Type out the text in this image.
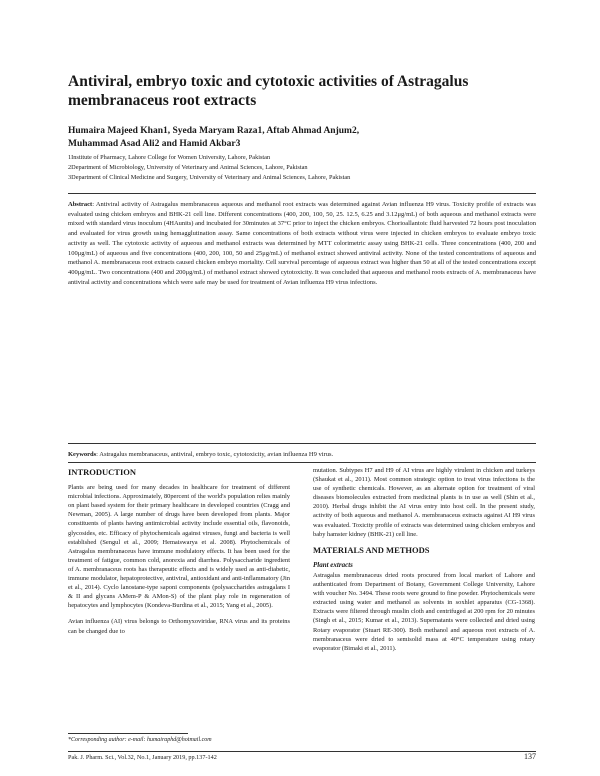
Antiviral, embryo toxic and cytotoxic activities of Astragalus membranaceus root extracts
Humaira Majeed Khan1, Syeda Maryam Raza1, Aftab Ahmad Anjum2,
Muhammad Asad Ali2 and Hamid Akbar3
1Institute of Pharmacy, Lahore College for Women University, Lahore, Pakistan
2Department of Microbiology, University of Veterinary and Animal Sciences, Lahore, Pakistan
3Department of Clinical Medicine and Surgery, University of Veterinary and Animal Sciences, Lahore, Pakistan
Abstract: Antiviral activity of Astragalus membranaceus aqueous and methanol root extracts was determined against Avian influenza H9 virus. Toxicity profile of extracts was evaluated using chicken embryos and BHK-21 cell line. Different concentrations (400, 200, 100, 50, 25. 12.5, 6.25 and 3.12μg/mL) of both aqueous and methanol extracts were mixed with standard virus inoculum (4HAunits) and incubated for 30minutes at 37°C prior to inject the chicken embryos. Chorioallantoic fluid harvested 72 hours post inoculation and evaluated for virus growth using hemagglutination assay. Same concentrations of both extracts without virus were injected in chicken embryos to evaluate embryo toxic activity as well. The cytotoxic activity of aqueous and methanol extracts was determined by MTT colorimetric assay using BHK-21 cells. Three concentrations (400, 200 and 100μg/mL) of aqueous and five concentrations (400, 200, 100, 50 and 25μg/mL) of methanol extract showed antiviral activity. None of the tested concentrations of aqueous and methanol A. membranaceus root extracts caused chicken embryo mortality. Cell survival percentage of aqueous extract was higher than 50 at all of the tested concentrations except 400μg/mL. Two concentrations (400 and 200μg/mL) of methanol extract showed cytotoxicity. It was concluded that aqueous and methanol roots extracts of A. membranaceus have antiviral activity and concentrations which were safe may be used for treatment of Avian influenza H9 virus infections.
Keywords: Astragalus membranaceus, antiviral, embryo toxic, cytotoxicity, avian influenza H9 virus.
INTRODUCTION

Plants are being used for many decades in healthcare for treatment of different microbial infections. Approximately, 80percent of the world's population relies mainly on plant based system for their primary healthcare in developed countries (Cragg and Newman, 2005). A large number of drugs have been developed from plants. Major constituents of plants having antimicrobial activity include essential oils, flavonoids, glycosides, etc. Efficacy of phytochemicals against viruses, fungi and bacteria is well established (Sengul et al., 2009; Hemaiswarya et al. 2008). Phytochemicals of Astragalus membranaceus have immune modulatory effects. It has been used for the treatment of fatigue, common cold, anorexia and diarrhea. Polysaccharide ingredient of A. membranaceus roots has therapeutic effects and is widely used as anti-diabetic, immune modulator, hepatoprotective, antiviral, antioxidant and anti-inflammatory (Jin et al., 2014). Cyclo lanostane-type saponi components (polysaccharides astragalans I & II and glycans AMem-P & AMon-S) of the plant play role in regeneration of hepatocytes and lymphocytes (Kondeva-Burdina et al., 2015; Yang et al., 2005).

Avian influenza (AI) virus belongs to Orthomyxoviridae, RNA virus and its proteins can be changed due to

mutation. Subtypes H7 and H9 of AI virus are highly virulent in chicken and turkeys (Shaukat et al., 2011). Most common strategic option to treat virus infections is the use of synthetic chemicals. However, as an alternate option for treatment of viral diseases biomolecules extracted from medicinal plants is in use as well (Shin et al., 2010). Herbal drugs inhibit the AI virus entry into host cell. In the present study, activity of both aqueous and methanol A. membranaceus extracts against AI H9 virus was evaluated. Toxicity profile of extracts was determined using chicken embryos and baby hamster kidney (BHK-21) cell line.

MATERIALS AND METHODS
Plant extracts

Astragalus membranaceus dried roots procured from local market of Lahore and authenticated from Department of Botany, Government College University, Lahore with voucher No. 3494. These roots were ground to fine powder. Phytochemicals were extracted using water and methanol as solvents in soxhlet apparatus (CG-1368). Extracts were filtered through muslin cloth and centrifuged at 200 rpm for 20 minutes (Singh et al., 2015; Kumar et al., 2013). Supernatants were collected and dried using Rotary evaporator (Stuart RE-300). Both methanol and aqueous root extracts of A. membranaceus were dried to semisolid mass at 40°C temperature using rotary evaporator (Bimaki et al., 2011).

*Corresponding author: e-mail: humairaphd@hotmail.com
Pak. J. Pharm. Sci., Vol.32, No.1, January 2019, pp.137-142	137
